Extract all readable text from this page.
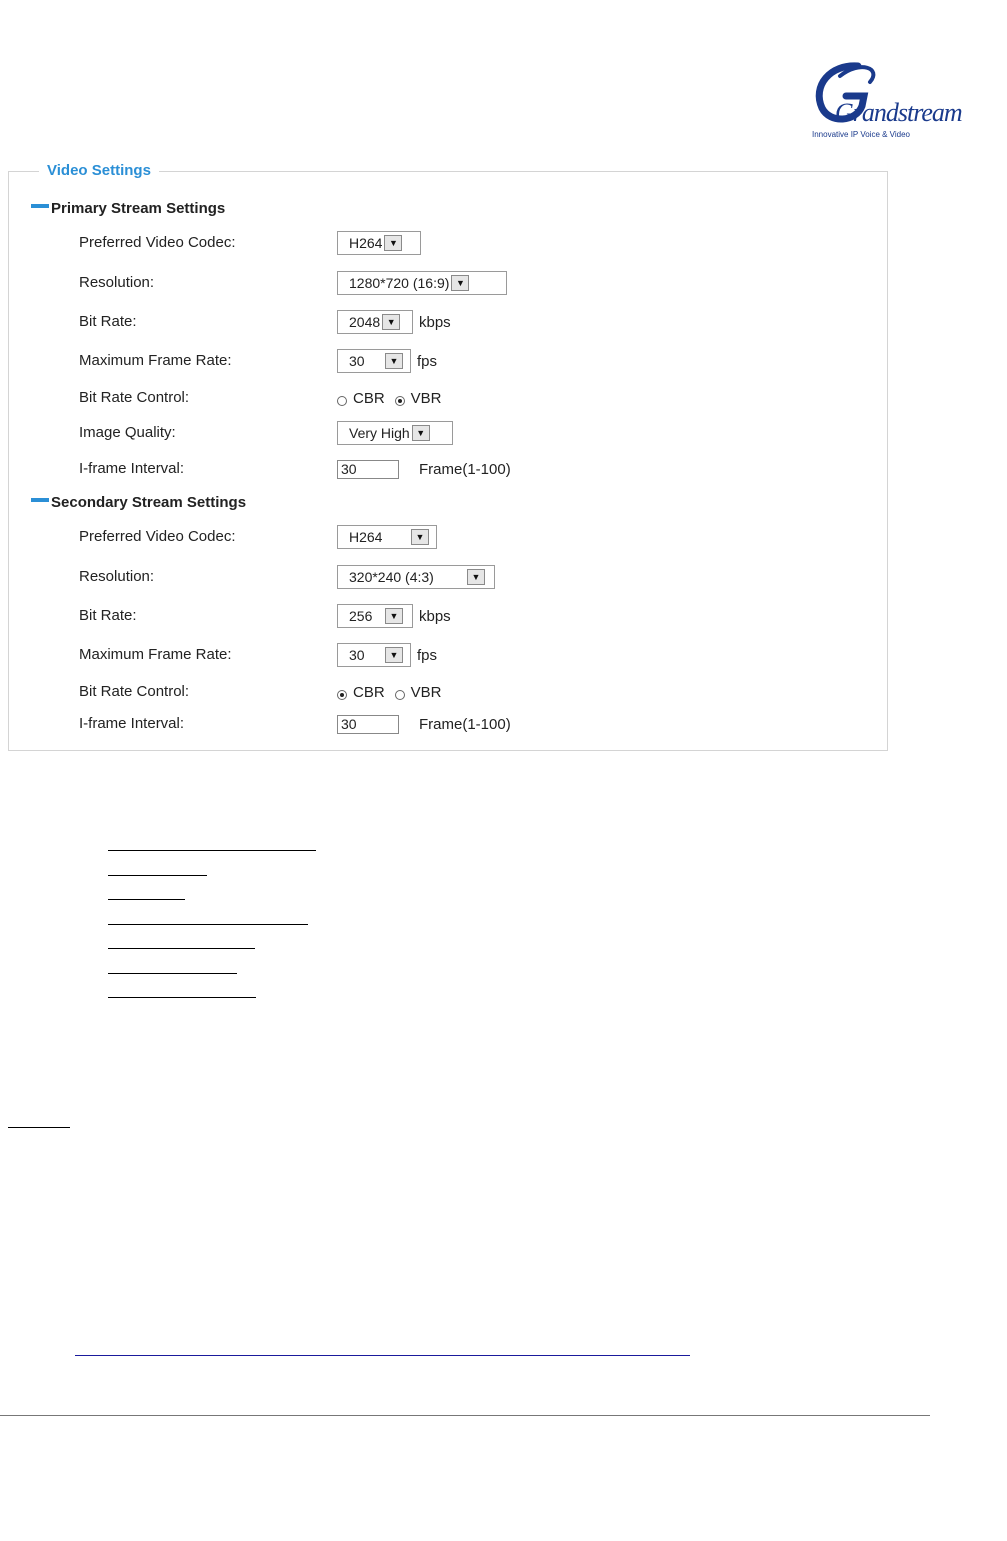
Grandstream
Innovative IP Voice & Video
Video Settings
Primary Stream Settings
Preferred Video Codec:	H264 ▼
Resolution:	1280*720 (16:9) ▼
Bit Rate:	2048 ▼	kbps
Maximum Frame Rate:	30	▼	fps
Bit Rate Control:	CBR VBR
Image Quality:	Very High ▼
I-frame Interval:	30	Frame(1-100)
Secondary Stream Settings
Preferred Video Codec:	H264	▼
Resolution:	320*240 (4:3)	▼
Bit Rate:	256	▼	kbps
Maximum Frame Rate:	30	▼	fps
Bit Rate Control:	CBR VBR
I-frame Interval:	30	Frame(1-100)
